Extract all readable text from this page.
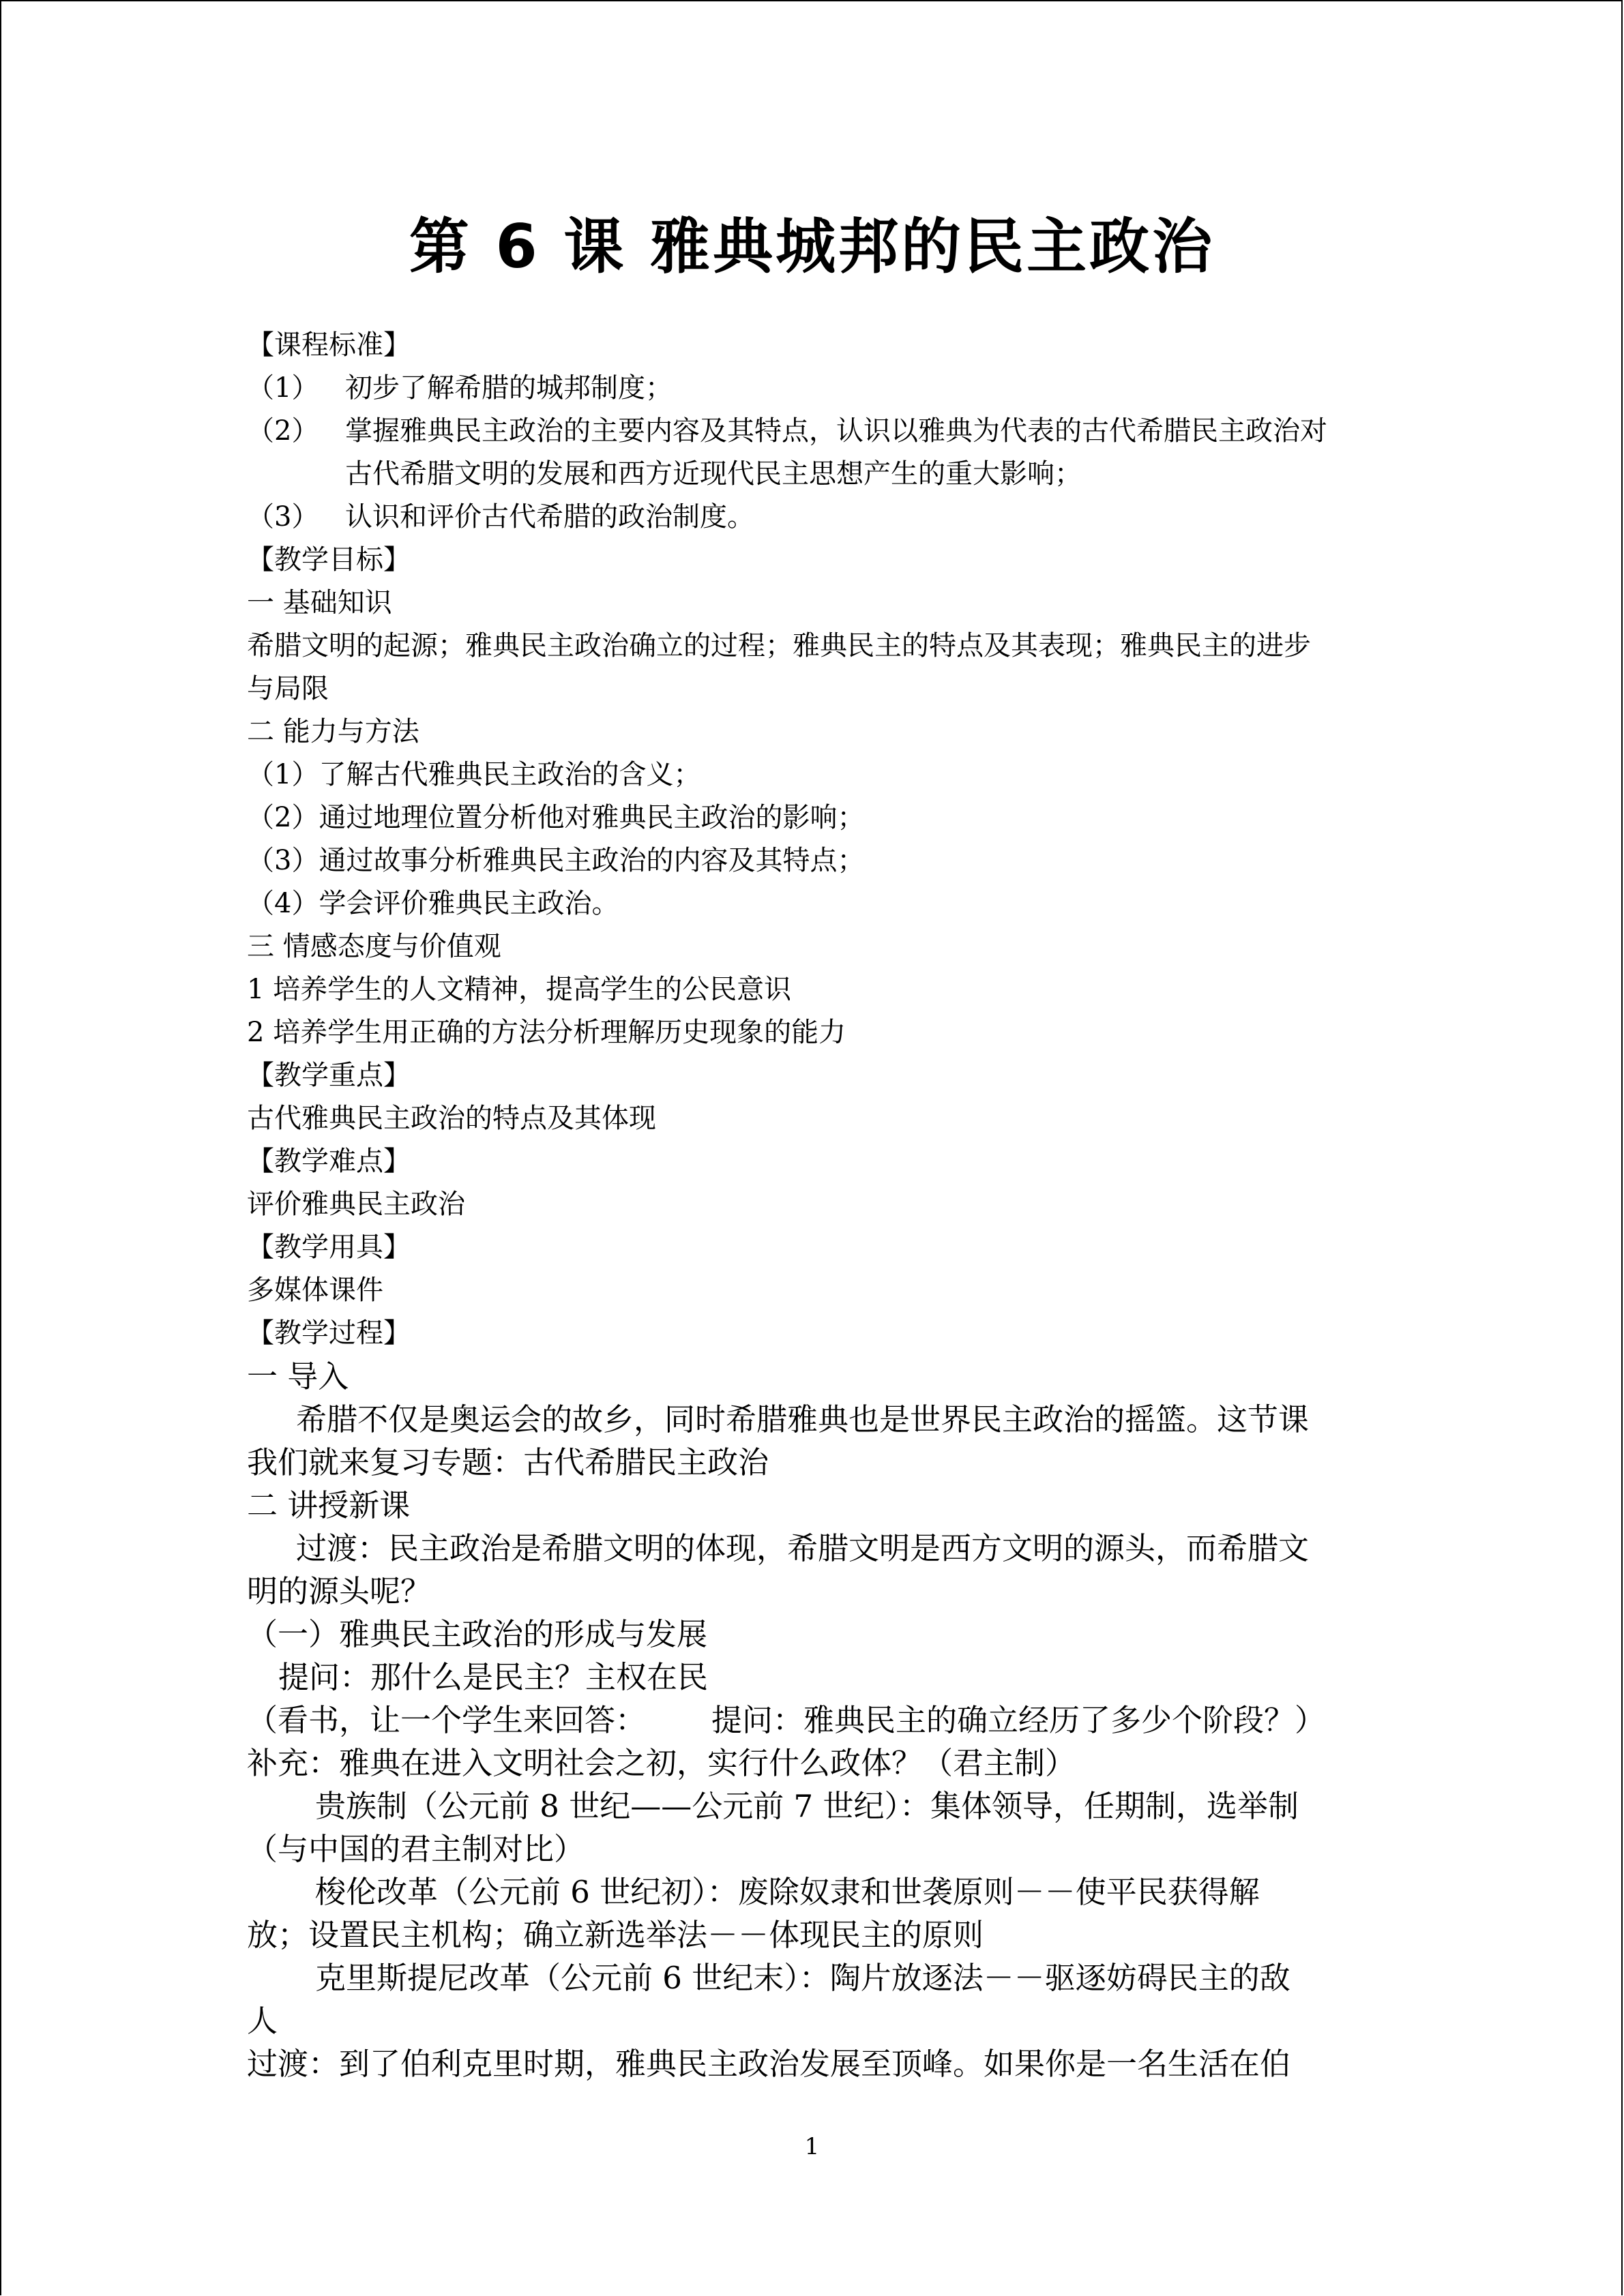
第 6 课 雅典城邦的民主政治
【课程标准】
（1） 初步了解希腊的城邦制度；
（2） 掌握雅典民主政治的主要内容及其特点，认识以雅典为代表的古代希腊民主政治对
古代希腊文明的发展和西方近现代民主思想产生的重大影响；
（3） 认识和评价古代希腊的政治制度。
【教学目标】
一 基础知识
希腊文明的起源；雅典民主政治确立的过程；雅典民主的特点及其表现；雅典民主的进步
与局限
二 能力与方法
（1）了解古代雅典民主政治的含义；
（2）通过地理位置分析他对雅典民主政治的影响；
（3）通过故事分析雅典民主政治的内容及其特点；
（4）学会评价雅典民主政治。
三 情感态度与价值观
1 培养学生的人文精神，提高学生的公民意识
2 培养学生用正确的方法分析理解历史现象的能力
【教学重点】
古代雅典民主政治的特点及其体现
【教学难点】
评价雅典民主政治
【教学用具】
多媒体课件
【教学过程】
一 导入
希腊不仅是奥运会的故乡，同时希腊雅典也是世界民主政治的摇篮。这节课
我们就来复习专题：古代希腊民主政治
二 讲授新课
过渡：民主政治是希腊文明的体现，希腊文明是西方文明的源头，而希腊文
明的源头呢？
（一）雅典民主政治的形成与发展
提问：那什么是民主？主权在民
（看书，让一个学生来回答： 提问：雅典民主的确立经历了多少个阶段？）
补充：雅典在进入文明社会之初，实行什么政体？（君主制）
贵族制（公元前 8 世纪——公元前 7 世纪）：集体领导，任期制，选举制
（与中国的君主制对比）
梭伦改革（公元前 6 世纪初）：废除奴隶和世袭原则－－使平民获得解
放；设置民主机构；确立新选举法－－体现民主的原则
克里斯提尼改革（公元前 6 世纪末）：陶片放逐法－－驱逐妨碍民主的敌
人
过渡：到了伯利克里时期，雅典民主政治发展至顶峰。如果你是一名生活在伯
1
